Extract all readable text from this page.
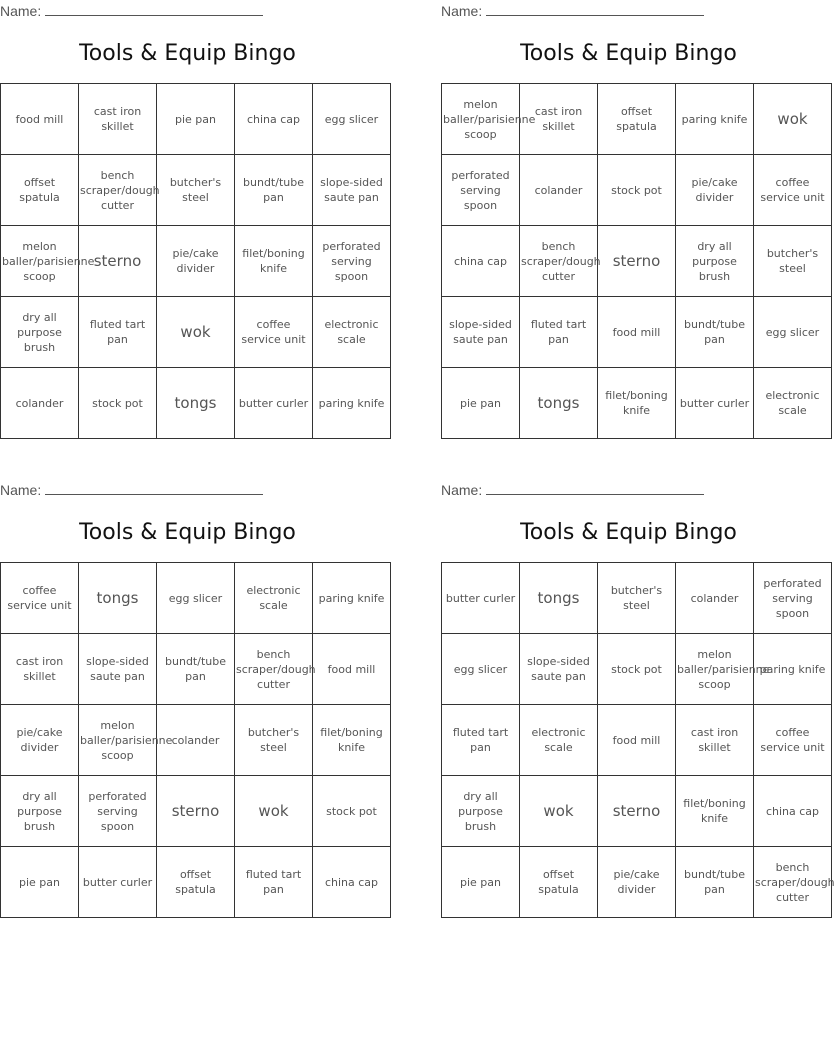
Name:
Tools & Equip Bingo
food mill	cast iron skillet	pie pan	china cap	egg slicer
offset spatula	bench scraper/dough cutter	butcher's steel	bundt/tube pan	slope-sided saute pan
melon baller/parisienne scoop	sterno	pie/cake divider	filet/boning knife	perforated serving spoon
dry all purpose brush	fluted tart pan	wok	coffee service unit	electronic scale
colander	stock pot	tongs	butter curler	paring knife
Name:
Tools & Equip Bingo
melon baller/parisienne scoop	cast iron skillet	offset spatula	paring knife	wok
perforated serving spoon	colander	stock pot	pie/cake divider	coffee service unit
china cap	bench scraper/dough cutter	sterno	dry all purpose brush	butcher's steel
slope-sided saute pan	fluted tart pan	food mill	bundt/tube pan	egg slicer
pie pan	tongs	filet/boning knife	butter curler	electronic scale
Name:
Tools & Equip Bingo
coffee service unit	tongs	egg slicer	electronic scale	paring knife
cast iron skillet	slope-sided saute pan	bundt/tube pan	bench scraper/dough cutter	food mill
pie/cake divider	melon baller/parisienne scoop	colander	butcher's steel	filet/boning knife
dry all purpose brush	perforated serving spoon	sterno	wok	stock pot
pie pan	butter curler	offset spatula	fluted tart pan	china cap
Name:
Tools & Equip Bingo
butter curler	tongs	butcher's steel	colander	perforated serving spoon
egg slicer	slope-sided saute pan	stock pot	melon baller/parisienne scoop	paring knife
fluted tart pan	electronic scale	food mill	cast iron skillet	coffee service unit
dry all purpose brush	wok	sterno	filet/boning knife	china cap
pie pan	offset spatula	pie/cake divider	bundt/tube pan	bench scraper/dough cutter
